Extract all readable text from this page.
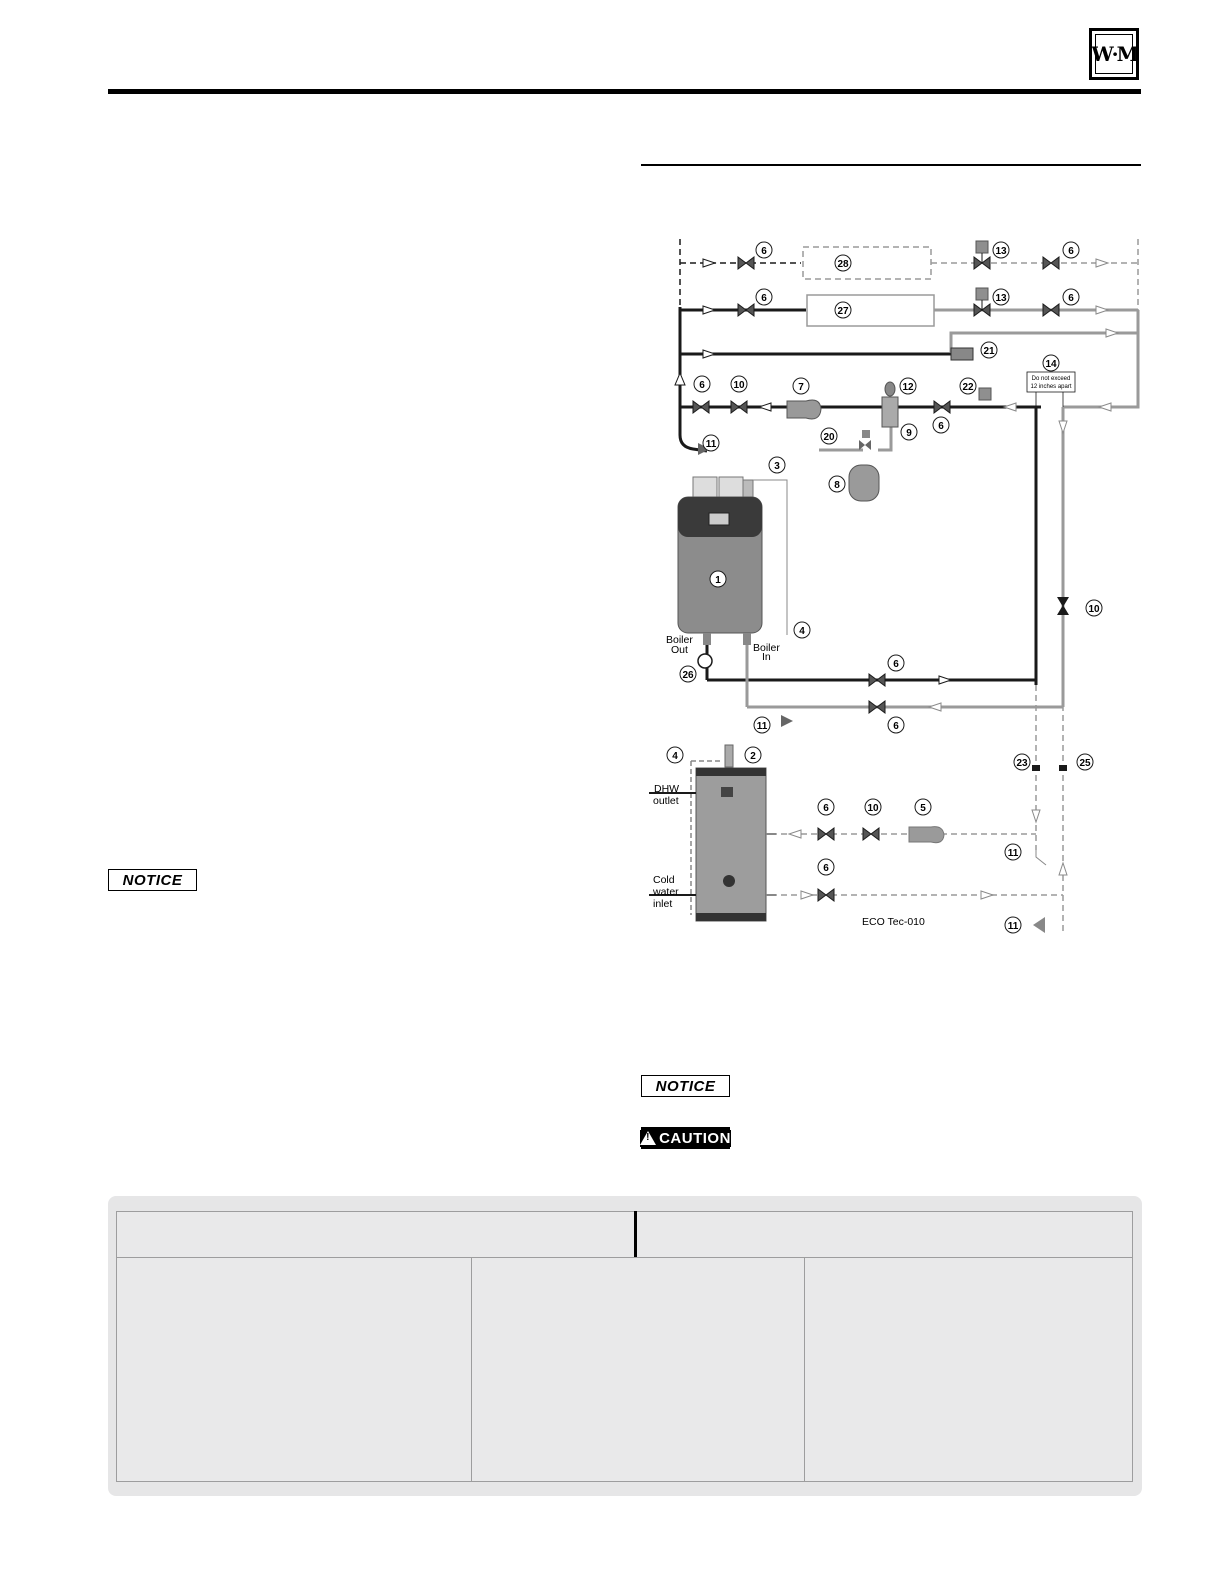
W·M
NOTICE
6
28
13	6
6
27
13	6
21
14
6	10	7	12	22
6
20	9
11
3
8
1
10
4
6
26
6
11
4	2
23	25
6	10	5
6
11
11
Boiler
Out	Boiler
In
DHW
outlet
Cold
water
inlet
ECO Tec-010
Do not exceed
12 inches apart
NOTICE
!
CAUTION
